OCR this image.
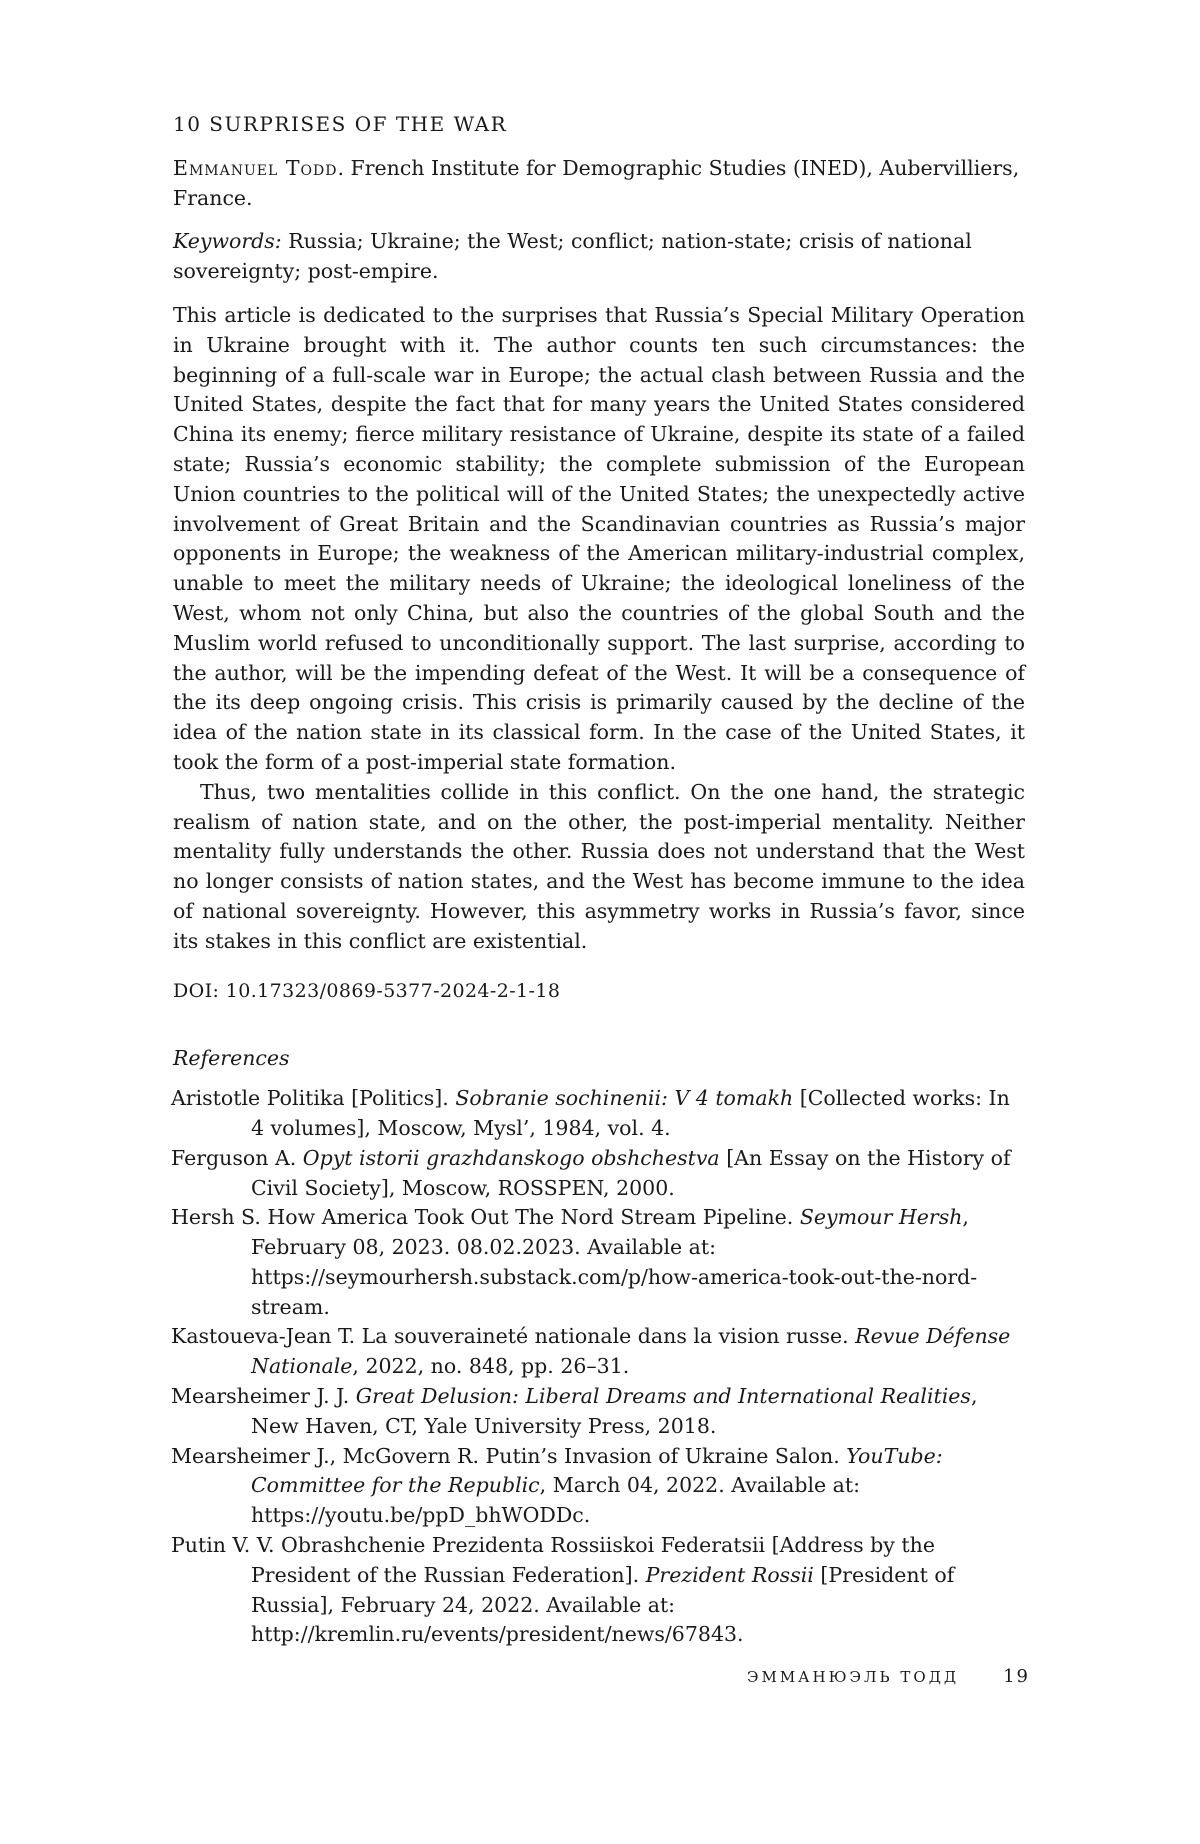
10 SURPRISES OF THE WAR

Emmanuel Todd. French Institute for Demographic Studies (INED), Aubervilliers, France.

Keywords: Russia; Ukraine; the West; conflict; nation-state; crisis of national sovereignty; post-empire.

This article is dedicated to the surprises that Russia’s Special Military Operation in Ukraine brought with it. The author counts ten such circumstances: the beginning of a full-scale war in Europe; the actual clash between Russia and the United States, despite the fact that for many years the United States considered China its enemy; fierce military resistance of Ukraine, despite its state of a failed state; Russia’s economic stability; the complete submission of the European Union countries to the political will of the United States; the unexpectedly active involvement of Great Britain and the Scandinavian countries as Russia’s major opponents in Europe; the weakness of the American military-industrial complex, unable to meet the military needs of Ukraine; the ideological loneliness of the West, whom not only China, but also the countries of the global South and the Muslim world refused to unconditionally support. The last surprise, according to the author, will be the impending defeat of the West. It will be a consequence of the its deep ongoing crisis. This crisis is primarily caused by the decline of the idea of the nation state in its classical form. In the case of the United States, it took the form of a post-imperial state formation.

Thus, two mentalities collide in this conflict. On the one hand, the strategic realism of nation state, and on the other, the post-imperial mentality. Neither mentality fully understands the other. Russia does not understand that the West no longer consists of nation states, and the West has become immune to the idea of national sovereignty. However, this asymmetry works in Russia’s favor, since its stakes in this conflict are existential.

DOI: 10.17323/0869-5377-2024-2-1-18

References

Aristotle Politika [Politics]. Sobranie sochinenii: V 4 tomakh [Collected works: In 4 volumes], Moscow, Mysl’, 1984, vol. 4.
Ferguson A. Opyt istorii grazhdanskogo obshchestva [An Essay on the History of Civil Society], Moscow, ROSSPEN, 2000.
Hersh S. How America Took Out The Nord Stream Pipeline. Seymour Hersh, February 08, 2023. 08.02.2023. Available at: https://seymourhersh.substack.com/p/how-america-took-out-the-nord-stream.
Kastoueva-Jean T. La souveraineté nationale dans la vision russe. Revue Défense Nationale, 2022, no. 848, pp. 26–31.
Mearsheimer J. J. Great Delusion: Liberal Dreams and International Realities, New Haven, CT, Yale University Press, 2018.
Mearsheimer J., McGovern R. Putin’s Invasion of Ukraine Salon. YouTube: Committee for the Republic, March 04, 2022. Available at: https://youtu.be/ppD_bhWODDc.
Putin V. V. Obrashchenie Prezidenta Rossiiskoi Federatsii [Address by the President of the Russian Federation]. Prezident Rossii [President of Russia], February 24, 2022. Available at: http://kremlin.ru/events/president/news/67843.
ЭММАНЮЭЛЬ ТОДД 19
